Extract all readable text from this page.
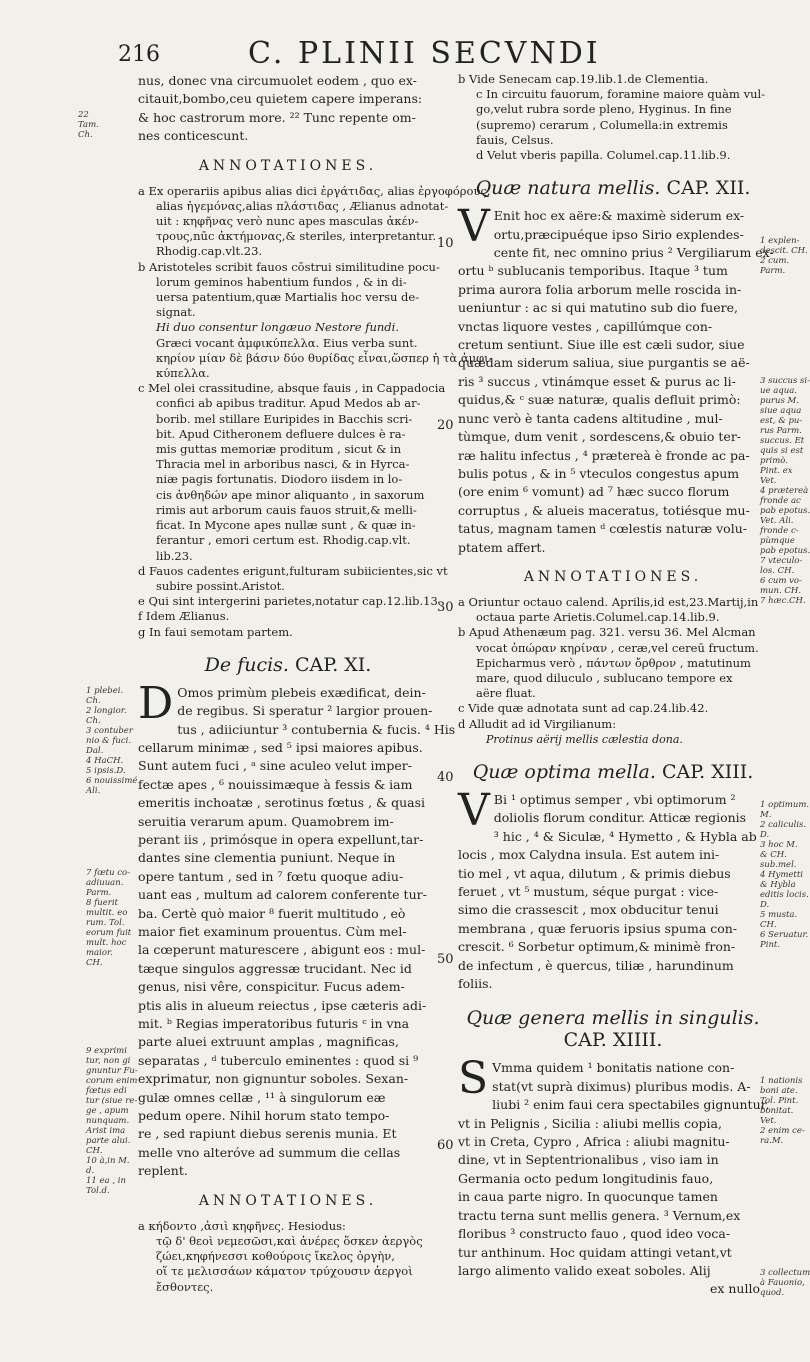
216	C. PLINII SECVNDI
nus, donec vna circumuolet eodem , quo ex-
citauit,bombo,ceu quietem capere imperans:
& hoc castrorum more. ²² Tunc repente om-
nes conticescunt.
ANNOTATIONES.
a Ex operariis apibus alias dici ἐργάτιδας, alias ἐργοφόρους,
alias ἡγεμόνας,alias πλάστιδας , Ælianus adnotat-
uit : κηφῆνας verò nunc apes masculas ἀκέν-
τρους,nūc ἀκτήμονας,& steriles, interpretantur.
Rhodig.cap.vlt.23.
b Aristoteles scribit fauos cōstrui similitudine pocu-
lorum geminos habentium fundos , & in di-
uersa patentium,quæ Martialis hoc versu de-
signat.
Hi duo consentur longæuo Nestore fundi.
Græci vocant ἀμφικύπελλα. Eius verba sunt.
κηρίον μίαν δὲ βάσιν δύο θυρίδας εἶναι,ὥσπερ ἡ τὰ ἀμφι-
κύπελλα.
c Mel olei crassitudine, absque fauis , in Cappadocia
confici ab apibus traditur. Apud Medos ab ar-
borib. mel stillare Euripides in Bacchis scri-
bit. Apud Citheronem defluere dulces è ra-
mis guttas memoriæ proditum , sicut & in
Thracia mel in arboribus nasci, & in Hyrca-
niæ pagis fortunatis. Diodoro iisdem in lo-
cis ἀνθηδών ape minor aliquanto , in saxorum
rimis aut arborum cauis fauos struit,& melli-
ficat. In Mycone apes nullæ sunt , & quæ in-
ferantur , emori certum est. Rhodig.cap.vlt.
lib.23.
d Fauos cadentes erigunt,fulturam subiicientes,sic vt
subire possint.Aristot.
e Qui sint intergerini parietes,notatur cap.12.lib.13.
f Idem Ælianus.
g In faui semotam partem.
De fucis. CAP. XI.
D Omos primùm plebeis exædificat, dein-
de regibus. Si speratur ² largior prouen-
tus , adiiciuntur ³ contubernia & fucis. ⁴ His
cellarum minimæ , sed ⁵ ipsi maiores apibus.
Sunt autem fuci , ᵃ sine aculeo velut imper-
fectæ apes , ⁶ nouissimæque à fessis & iam
emeritis inchoatæ , serotinus fœtus , & quasi
seruitia verarum apum. Quamobrem im-
perant iis , primósque in opera expellunt,tar-
dantes sine clementia puniunt. Neque in
opere tantum , sed in ⁷ fœtu quoque adiu-
uant eas , multum ad calorem conferente tur-
ba. Certè quò maior ⁸ fuerit multitudo , eò
maior fiet examinum prouentus. Cùm mel-
la cœperunt maturescere , abigunt eos : mul-
tæque singulos aggressæ trucidant. Nec id
genus, nisi vêre, conspicitur. Fucus adem-
ptis alis in alueum reiectus , ipse cæteris adi-
mit. ᵇ Regias imperatoribus futuris ᶜ in vna
parte aluei extruunt amplas , magnificas,
separatas , ᵈ tuberculo eminentes : quod si ⁹
exprimatur, non gignuntur soboles. Sexan-
gulæ omnes cellæ , ¹¹ à singulorum eæ
pedum opere. Nihil horum stato tempo-
re , sed rapiunt diebus serenis munia. Et
melle vno alteróve ad summum die cellas
replent.
ANNOTATIONES.
a κήδοντο ,ἀσιὶ κηφῆνες. Hesiodus:
τῷ δ' θεοὶ νεμεσῶσι,καὶ ἀνέρες ὅσκεν ἀεργὸς
ζώει,κηφήνεσσι κοθούροις ἴκελος ὀργὴν,
οἵ τε μελισσάων κάματον τρύχουσιν ἀεργοὶ
ἔσθοντες.
b Vide Senecam cap.19.lib.1.de Clementia.
c In circuitu fauorum, foramine maiore quàm vul-
go,velut rubra sorde pleno, Hyginus. In fine
(supremo) cerarum , Columella:in extremis
fauis, Celsus.
d Velut vberis papilla. Columel.cap.11.lib.9.
Quæ natura mellis. CAP. XII.
V Enit hoc ex aëre:& maximè siderum ex-
ortu,præcipuéque ipso Sirio explendes-
cente fit, nec omnino prius ² Vergiliarum ex-
ortu ᵇ sublucanis temporibus. Itaque ³ tum
prima aurora folia arborum melle roscida in-
ueniuntur : ac si qui matutino sub dio fuere,
vnctas liquore vestes , capillúmque con-
cretum sentiunt. Siue ille est cæli sudor, siue
quædam siderum saliua, siue purgantis se aë-
ris ³ succus , vtinámque esset & purus ac li-
quidus,& ᶜ suæ naturæ, qualis defluit primò:
nunc verò è tanta cadens altitudine , mul-
tùmque, dum venit , sordescens,& obuio ter-
ræ halitu infectus , ⁴ prætereà è fronde ac pa-
bulis potus , & in ⁵ vteculos congestus apum
(ore enim ⁶ vomunt) ad ⁷ hæc succo florum
corruptus , & alueis maceratus, totiésque mu-
tatus, magnam tamen ᵈ cœlestis naturæ volu-
ptatem affert.
ANNOTATIONES.
a Oriuntur octauo calend. Aprilis,id est,23.Martij,in
octaua parte Arietis.Columel.cap.14.lib.9.
b Apud Athenæum pag. 321. versu 36. Mel Alcman
vocat ὀπώραν κηρίναν , ceræ,vel cereū fructum.
Epicharmus verò , πάντων ὄρθρον , matutinum
mare, quod diluculo , sublucano tempore ex
aëre fluat.
c Vide quæ adnotata sunt ad cap.24.lib.42.
d Alludit ad id Virgilianum:
Protinus aërij mellis cælestia dona.
Quæ optima mella. CAP. XIII.
V Bi ¹ optimus semper , vbi optimorum ²
doliolis florum conditur. Atticæ regionis
³ hic , ⁴ & Siculæ, ⁴ Hymetto , & Hybla ab
locis , mox Calydna insula. Est autem ini-
tio mel , vt aqua, dilutum , & primis diebus
feruet , vt ⁵ mustum, séque purgat : vice-
simo die crassescit , mox obducitur tenui
membrana , quæ feruoris ipsius spuma con-
crescit. ⁶ Sorbetur optimum,& minimè fron-
de infectum , è quercus, tiliæ , harundinum
foliis.
Quæ genera mellis in singulis.
CAP. XIIII.
S Vmma quidem ¹ bonitatis natione con-
stat(vt suprà diximus) pluribus modis. A-
liubi ² enim faui cera spectabiles gignuntur,
vt in Pelignis , Sicilia : aliubi mellis copia,
vt in Creta, Cypro , Africa : aliubi magnitu-
dine, vt in Septentrionalibus , viso iam in
Germania octo pedum longitudinis fauo,
in caua parte nigro. In quocunque tamen
tractu terna sunt mellis genera. ³ Vernum,ex
floribus ³ constructo fauo , quod ideo voca-
tur anthinum. Hoc quidam attingi vetant,vt
largo alimento valido exeat soboles. Alij
ex nullo
10
20
30
40
50
60
22
Tam.
Ch.
1 plebei.
Ch.
2 longior.
Ch.
3 contuber
nio & fuci.
Dal.
4 HaCH.
5 ipsis.D.
6 nouissimé
Ali.
7 fœtu co-
adiuuan.
Parm.
8 fuerit
multit. eo
rum. Tol.
eorum fuit
mult. hoc
maior.
CH.
9 exprimi
tur, non gi
gnuntur Fu-
corum enim
fœtus edi
tur (siue re-
ge , apum
nunquam.
Arist ima
parte alui.
CH.
10 à,in M.
d.
11 ea , in
Tol.d.
1 explen-
descit. CH.
2 cum.
Parm.
3 succus si-
ue aqua.
purus M.
siue aqua
est, & pu-
rus Parm.
succus. Et
quis si est
primò.
Pint. ex
Vet.
4 prætereà
fronde ac
pab epotus.
Vet. Ali.
fronde c-
pùmque
pab epotus.
7 vteculo-
los. CH.
6 cum vo-
mun. CH.
7 hæc.CH.
1 optimum.
M.
2 caliculis.
D.
3 hoc M.
& CH.
sub.mel.
4 Hymetti
& Hybla
editis locis.
D.
5 musta.
CH.
6 Seruatur.
Pint.
1 nationis
boni ate.
Tol. Pint.
bonitat.
Vet.
2 enim ce-
ra.M.
3 collectum
à Fauonio,
quod.
